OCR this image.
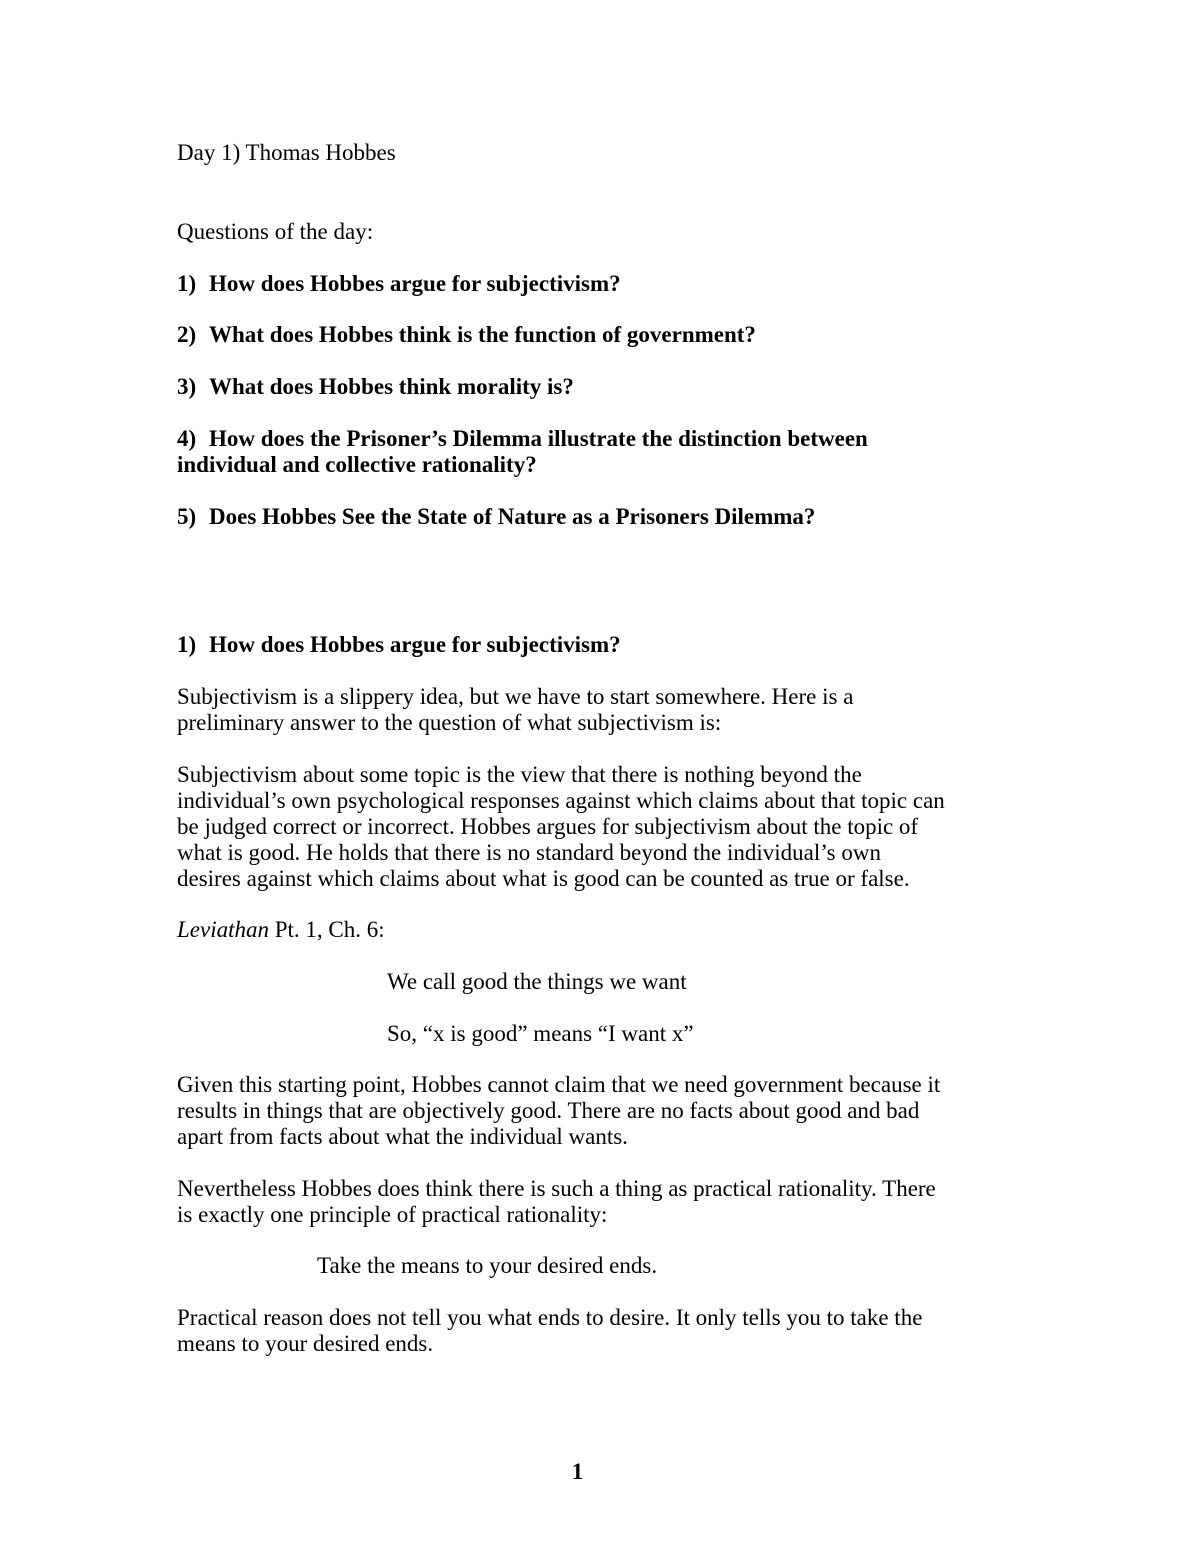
Day 1) Thomas Hobbes
Questions of the day:
1) How does Hobbes argue for subjectivism?
2) What does Hobbes think is the function of government?
3) What does Hobbes think morality is?
4) How does the Prisoner’s Dilemma illustrate the distinction between
individual and collective rationality?
5) Does Hobbes See the State of Nature as a Prisoners Dilemma?
1) How does Hobbes argue for subjectivism?
Subjectivism is a slippery idea, but we have to start somewhere. Here is a
preliminary answer to the question of what subjectivism is:
Subjectivism about some topic is the view that there is nothing beyond the
individual’s own psychological responses against which claims about that topic can
be judged correct or incorrect. Hobbes argues for subjectivism about the topic of
what is good. He holds that there is no standard beyond the individual’s own
desires against which claims about what is good can be counted as true or false.
Leviathan Pt. 1, Ch. 6:
We call good the things we want
So, “x is good” means “I want x”
Given this starting point, Hobbes cannot claim that we need government because it
results in things that are objectively good. There are no facts about good and bad
apart from facts about what the individual wants.
Nevertheless Hobbes does think there is such a thing as practical rationality. There
is exactly one principle of practical rationality:
Take the means to your desired ends.
Practical reason does not tell you what ends to desire. It only tells you to take the
means to your desired ends.
1
